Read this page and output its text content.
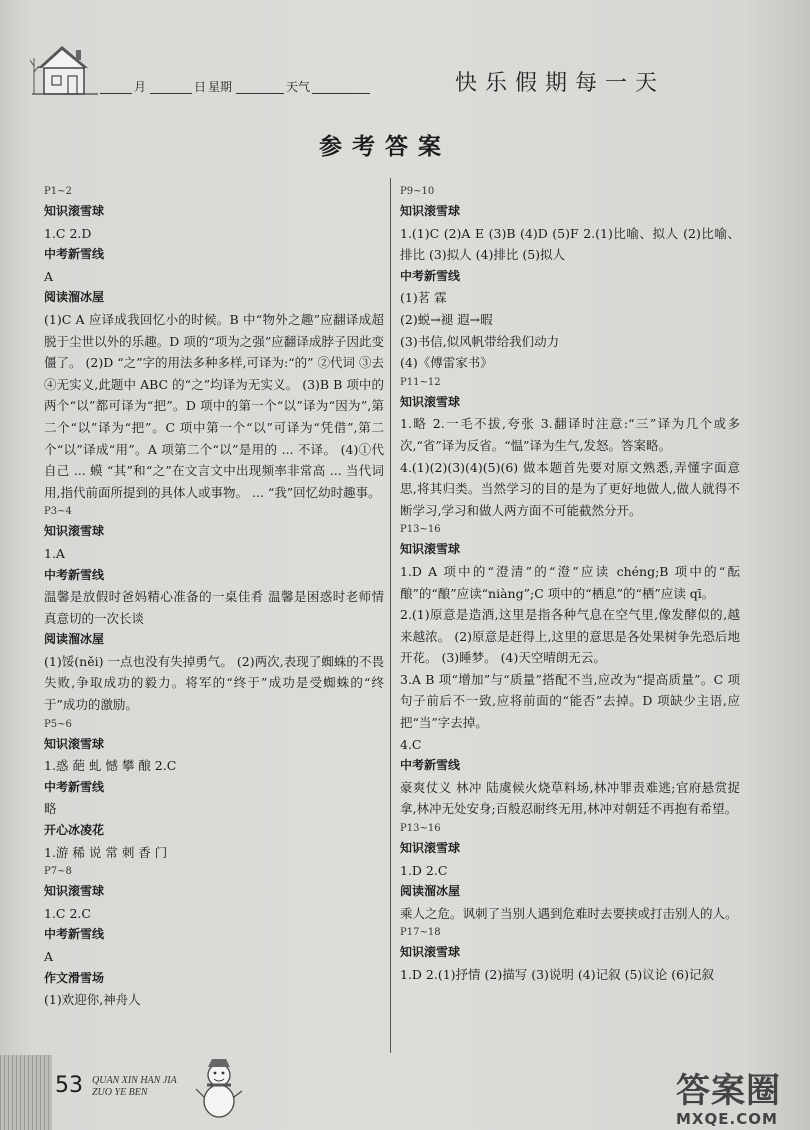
月	日 星期	天气	快乐假期每一天
参考答案
P1~2
知识滚雪球
1.C 2.D
中考新雪线
A
阅读溜冰屋
(1)C A 应译成我回忆小的时候。B 中“物外之趣”应翻译成超脱于尘世以外的乐趣。D 项的“项为之强”应翻译成脖子因此变僵了。 (2)D “之”字的用法多种多样,可译为:“的” ②代词 ③去 ④无实义,此题中 ABC 的“之”均译为无实义。 (3)B B 项中的两个“以”都可译为“把”。D 项中的第一个“以”译为“因为”,第二个“以”译为“把”。C 项中第一个“以”可译为“凭借”,第二个“以”译成“用”。A 项第二个“以”是用的 ... 不译。 (4)①代自己 ... 蟆 “其”和“之”在文言文中出现频率非常高 ... 当代词用,指代前面所提到的具体人或事物。 ... “我”回忆幼时趣事。
P3~4
知识滚雪球
1.A
中考新雪线
温馨是放假时爸妈精心准备的一桌佳肴 温馨是困惑时老师情真意切的一次长谈
阅读溜冰屋
(1)馁(něi) 一点也没有失掉勇气。 (2)两次,表现了蜘蛛的不畏失败,争取成功的毅力。将军的“终于”成功是受蜘蛛的“终于”成功的激励。
P5~6
知识滚雪球
1.惑 葩 虬 憾 攀 酿 2.C
中考新雪线
略
开心冰凌花
1.游 稀 说 常 刺 香 门
P7~8
知识滚雪球
1.C 2.C
中考新雪线
A
作文滑雪场
(1)欢迎你,神舟人
P9~10
知识滚雪球
1.(1)C (2)A E (3)B (4)D (5)F 2.(1)比喻、拟人 (2)比喻、排比 (3)拟人 (4)排比 (5)拟人
中考新雪线
(1)茗 霖
(2)蜕→褪 遐→暇
(3)书信,似风帆带给我们动力
(4)《傅雷家书》
P11~12
知识滚雪球
1.略 2.一毛不拔,夸张 3.翻译时注意:“三”译为几个或多次,“省”译为反省。“愠”译为生气,发怒。答案略。
4.(1)(2)(3)(4)(5)(6) 做本题首先要对原文熟悉,弄懂字面意思,将其归类。当然学习的目的是为了更好地做人,做人就得不断学习,学习和做人两方面不可能截然分开。
P13~16
知识滚雪球
1.D A 项中的“澄清”的“澄”应读 chéng;B 项中的“酝酿”的“酿”应读“niàng”;C 项中的“栖息”的“栖”应读 qī。
2.(1)原意是造酒,这里是指各种气息在空气里,像发酵似的,越来越浓。 (2)原意是赶得上,这里的意思是各处果树争先恐后地开花。 (3)睡梦。 (4)天空晴朗无云。
3.A B 项“增加”与“质量”搭配不当,应改为“提高质量”。C 项句子前后不一致,应将前面的“能否”去掉。D 项缺少主语,应把“当”字去掉。
4.C
中考新雪线
豪爽仗义 林冲 陆虞候火烧草料场,林冲罪责难逃;官府悬赏捉拿,林冲无处安身;百般忍耐终无用,林冲对朝廷不再抱有希望。
P13~16
知识滚雪球
1.D 2.C
阅读溜冰屋
乘人之危。讽刺了当别人遇到危难时去要挟或打击别人的人。
P17~18
知识滚雪球
1.D 2.(1)抒情 (2)描写 (3)说明 (4)记叙 (5)议论 (6)记叙
53 QUAN XIN HAN JIA
ZUO YE BEN	答案圈
MXQE.COM
